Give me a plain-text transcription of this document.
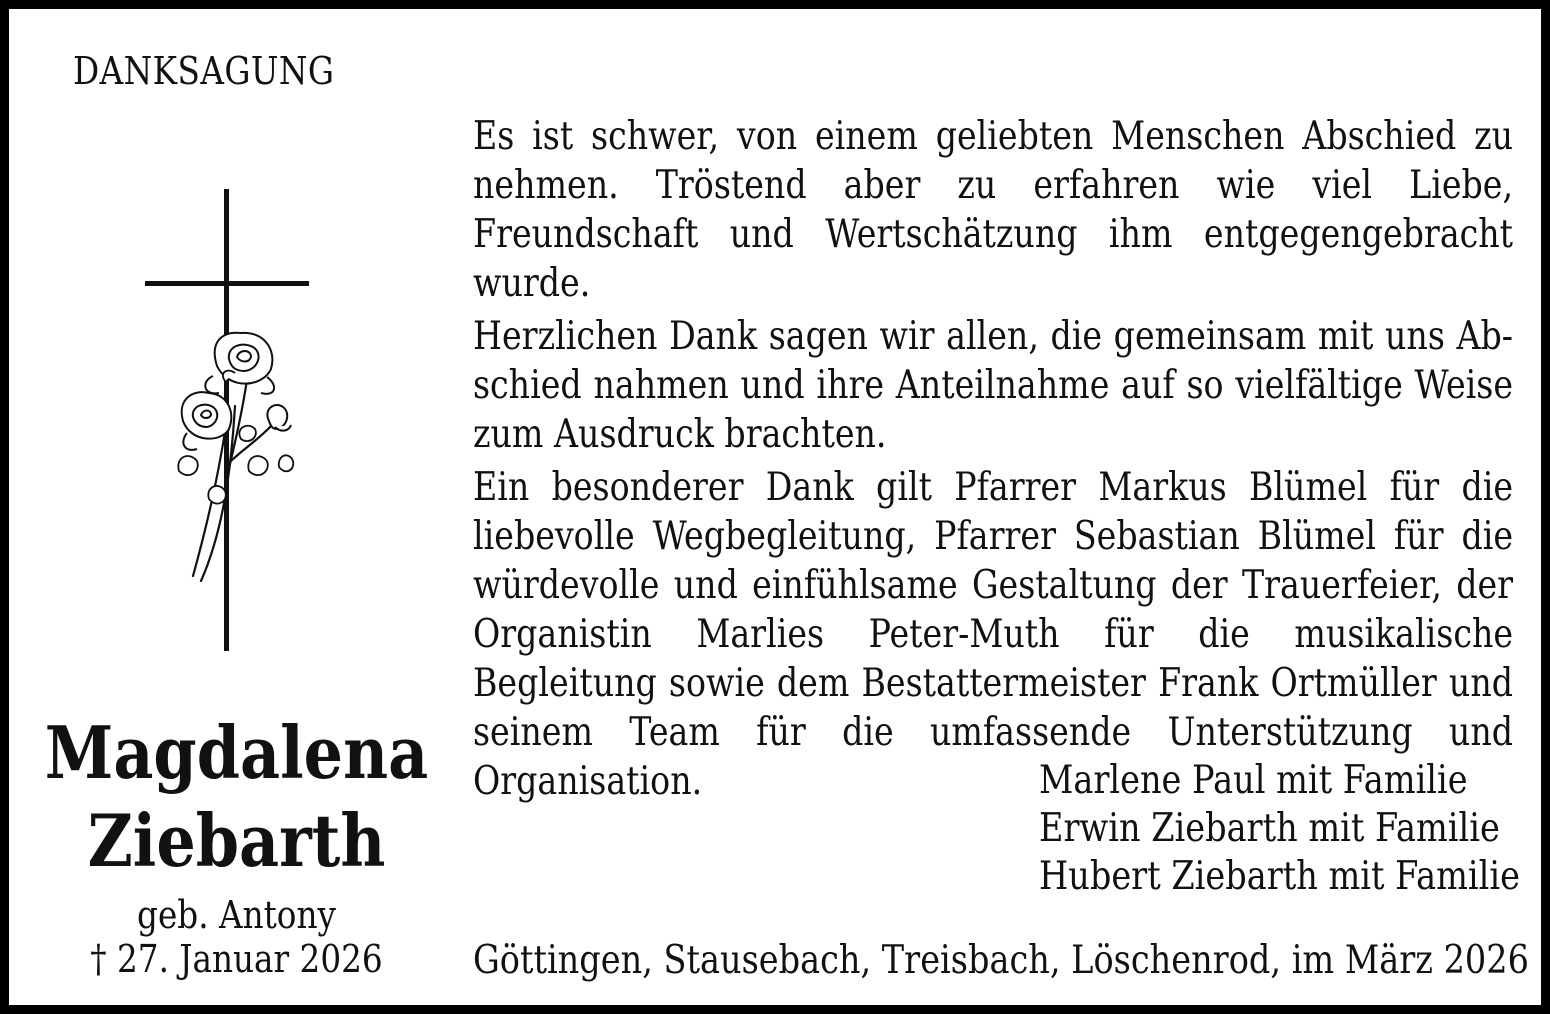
DANKSAGUNG
Magdalena
Ziebarth
geb. Antony
† 27. Januar 2026
Es ist schwer, von einem geliebten Menschen Abschied zu nehmen. Tröstend aber zu erfahren wie viel Liebe, Freundschaft und Wertschätzung ihm entgegengebracht wurde.
Herzlichen Dank sagen wir allen, die gemeinsam mit uns Abschied nahmen und ihre Anteilnahme auf so vielfältige Weise zum Ausdruck brachten.
Ein besonderer Dank gilt Pfarrer Markus Blümel für die liebevolle Wegbegleitung, Pfarrer Sebastian Blümel für die würdevolle und einfühlsame Gestaltung der Trauerfeier, der Organistin Marlies Peter-Muth für die musikalische Begleitung sowie dem Bestattermeister Frank Ortmüller und seinem Team für die umfassende Unterstützung und Organisation.	Marlene Paul mit Familie
Erwin Ziebarth mit Familie
Hubert Ziebarth mit Familie
Göttingen, Stausebach, Treisbach, Löschenrod, im März 2026
